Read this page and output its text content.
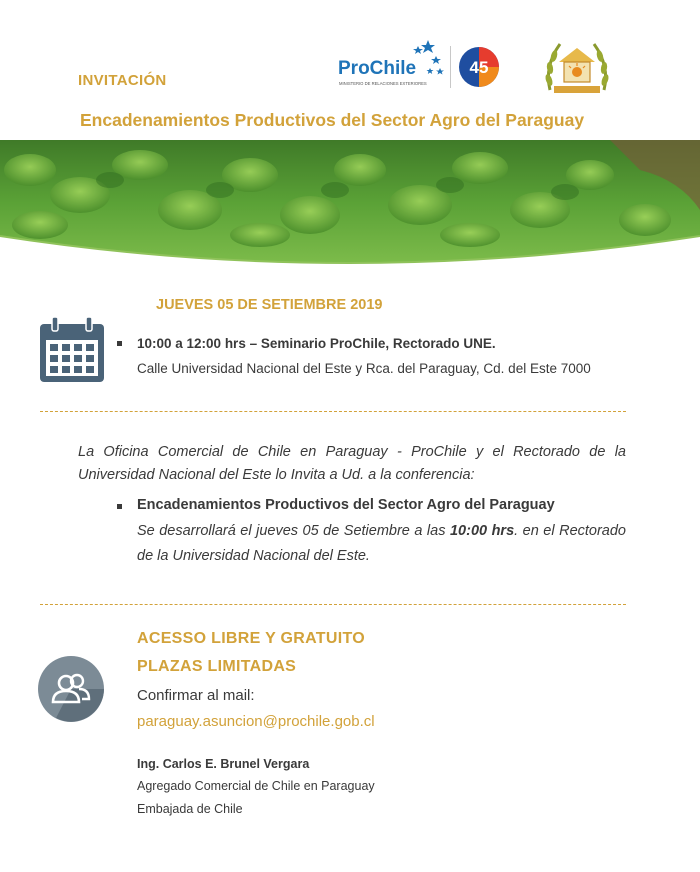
INVITACIÓN
ProChile
MINISTERIO DE RELACIONES EXTERIORES
45
Encadenamientos Productivos del Sector Agro del Paraguay
JUEVES 05 DE SETIEMBRE 2019
10:00 a 12:00 hrs – Seminario ProChile, Rectorado UNE.
Calle Universidad Nacional del Este y Rca. del Paraguay, Cd. del Este 7000
La Oficina Comercial de Chile en Paraguay - ProChile y el Rectorado de la Universidad Nacional del Este lo Invita a Ud. a la conferencia:
Encadenamientos Productivos del Sector Agro del Paraguay
Se desarrollará el jueves 05 de Setiembre a las 10:00 hrs. en el Rectorado de la Universidad Nacional del Este.
ACESSO LIBRE Y GRATUITO
PLAZAS LIMITADAS
Confirmar al mail:
paraguay.asuncion@prochile.gob.cl
Ing. Carlos E. Brunel Vergara
Agregado Comercial de Chile en Paraguay
Embajada de Chile
